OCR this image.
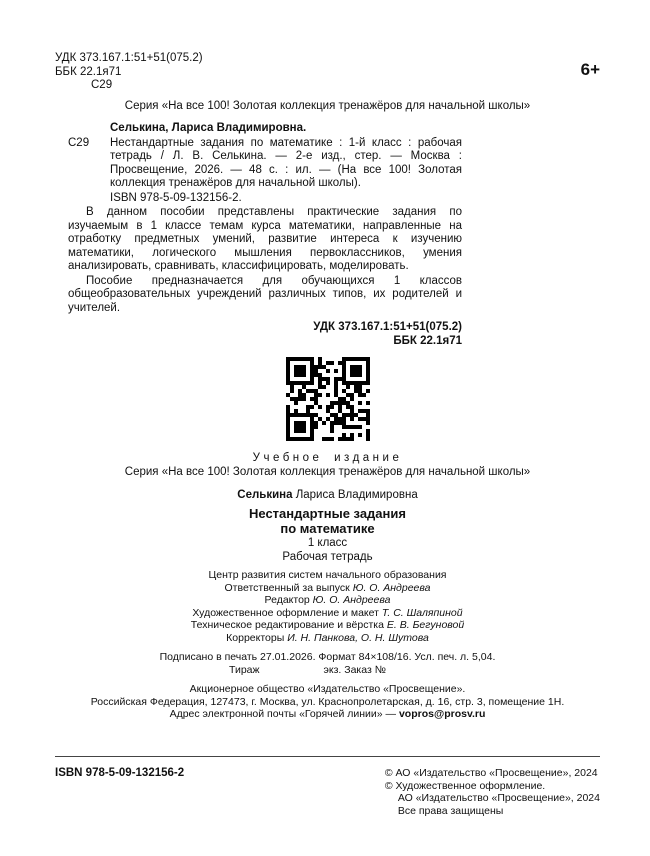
УДК 373.167.1:51+51(075.2)
ББК 22.1я71
С29
6+
Серия «На все 100! Золотая коллекция тренажёров для начальной школы»
Селькина, Лариса Владимировна.
С29 Нестандартные задания по математике : 1-й класс : рабочая тетрадь / Л. В. Селькина. — 2-е изд., стер. — Москва : Просвещение, 2026. — 48 с. : ил. — (На все 100! Золотая коллекция тренажёров для начальной школы).
ISBN 978-5-09-132156-2.

В данном пособии представлены практические задания по изучаемым в 1 классе темам курса математики, направленные на отработку предметных умений, развитие интереса к изучению математики, логического мышления первоклассников, умения анализировать, сравнивать, классифицировать, моделировать.

Пособие предназначается для обучающихся 1 классов общеобразовательных учреждений различных типов, их родителей и учителей.

УДК 373.167.1:51+51(075.2)
ББК 22.1я71
Учебное издание
Серия «На все 100! Золотая коллекция тренажёров для начальной школы»
Селькина Лариса Владимировна
Нестандартные задания
по математике
1 класс
Рабочая тетрадь
Центр развития систем начального образования
Ответственный за выпуск Ю. О. Андреева
Редактор Ю. О. Андреева
Художественное оформление и макет Т. С. Шаляпиной
Техническое редактирование и вёрстка Е. В. Бегуновой
Корректоры И. Н. Панкова, О. Н. Шутова
Подписано в печать 27.01.2026. Формат 84×108/16. Усл. печ. л. 5,04.
Тираж	экз. Заказ №
Акционерное общество «Издательство «Просвещение».
Российская Федерация, 127473, г. Москва, ул. Краснопролетарская, д. 16, стр. 3, помещение 1Н.
Адрес электронной почты «Горячей линии» — vopros@prosv.ru
ISBN 978-5-09-132156-2	© АО «Издательство «Просвещение», 2024
© Художественное оформление.
АО «Издательство «Просвещение», 2024
Все права защищены
